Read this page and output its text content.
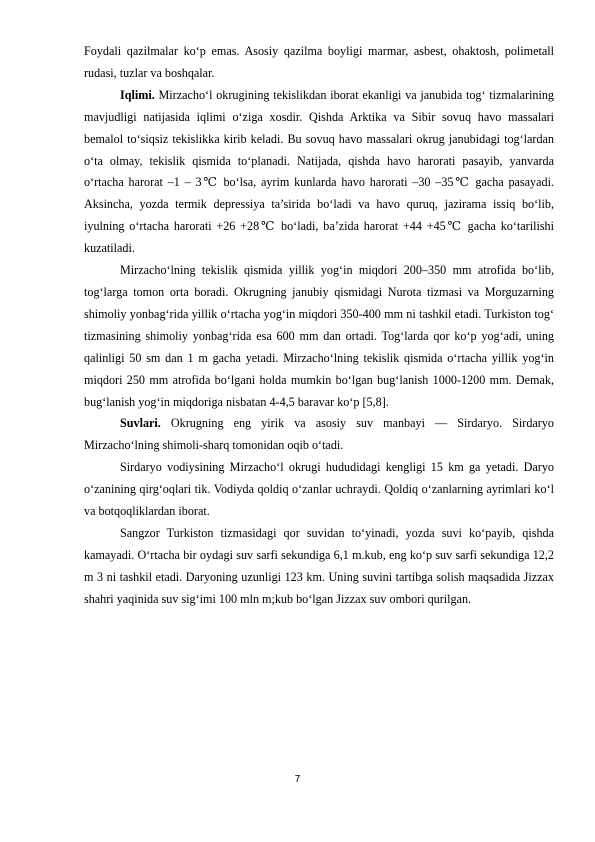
Foydali qazilmalar ko‘p emas. Asosiy qazilma boyligi marmar, asbest, ohaktosh, polimetall rudasi, tuzlar va boshqalar.

Iqlimi. Mirzacho‘l okrugining tekislikdan iborat ekanligi va janubida tog‘ tizmalarining mavjudligi natijasida iqlimi o‘ziga xosdir. Qishda Arktika va Sibir sovuq havo massalari bemalol to‘siqsiz tekislikka kirib keladi. Bu sovuq havo massalari okrug janubidagi tog‘lardan o‘ta olmay, tekislik qismida to‘planadi. Natijada, qishda havo harorati pasayib, yanvarda o‘rtacha harorat –1 – 3℃ bo‘lsa, ayrim kunlarda havo harorati –30 –35℃ gacha pasayadi. Aksincha, yozda termik depressiya ta’sirida bo‘ladi va havo quruq, jazirama issiq bo‘lib, iyulning o‘rtacha harorati +26 +28℃ bo‘ladi, ba’zida harorat +44 +45℃ gacha ko‘tarilishi kuzatiladi.

Mirzacho‘lning tekislik qismida yillik yog‘in miqdori 200–350 mm atrofida bo‘lib, tog‘larga tomon orta boradi. Okrugning janubiy qismidagi Nurota tizmasi va Morguzarning shimoliy yonbag‘rida yillik o‘rtacha yog‘in miqdori 350-400 mm ni tashkil etadi. Turkiston tog‘ tizmasining shimoliy yonbag‘rida esa 600 mm dan ortadi. Tog‘larda qor ko‘p yog‘adi, uning qalinligi 50 sm dan 1 m gacha yetadi. Mirzacho‘lning tekislik qismida o‘rtacha yillik yog‘in miqdori 250 mm atrofida bo‘lgani holda mumkin bo‘lgan bug‘lanish 1000-1200 mm. Demak, bug‘lanish yog‘in miqdoriga nisbatan 4-4,5 baravar ko‘p [5,8].

Suvlari. Okrugning eng yirik va asosiy suv manbayi — Sirdaryo. Sirdaryo Mirzacho‘lning shimoli-sharq tomonidan oqib o‘tadi.

Sirdaryo vodiysining Mirzacho‘l okrugi hududidagi kengligi 15 km ga yetadi. Daryo o‘zanining qirg‘oqlari tik. Vodiyda qoldiq o‘zanlar uchraydi. Qoldiq o‘zanlarning ayrimlari ko‘l va botqoqliklardan iborat.

Sangzor Turkiston tizmasidagi qor suvidan to‘yinadi, yozda suvi ko‘payib, qishda kamayadi. O‘rtacha bir oydagi suv sarfi sekundiga 6,1 m.kub, eng ko‘p suv sarfi sekundiga 12,2 m 3 ni tashkil etadi. Daryoning uzunligi 123 km. Uning suvini tartibga solish maqsadida Jizzax shahri yaqinida suv sig‘imi 100 mln m;kub bo‘lgan Jizzax suv ombori qurilgan.

7
